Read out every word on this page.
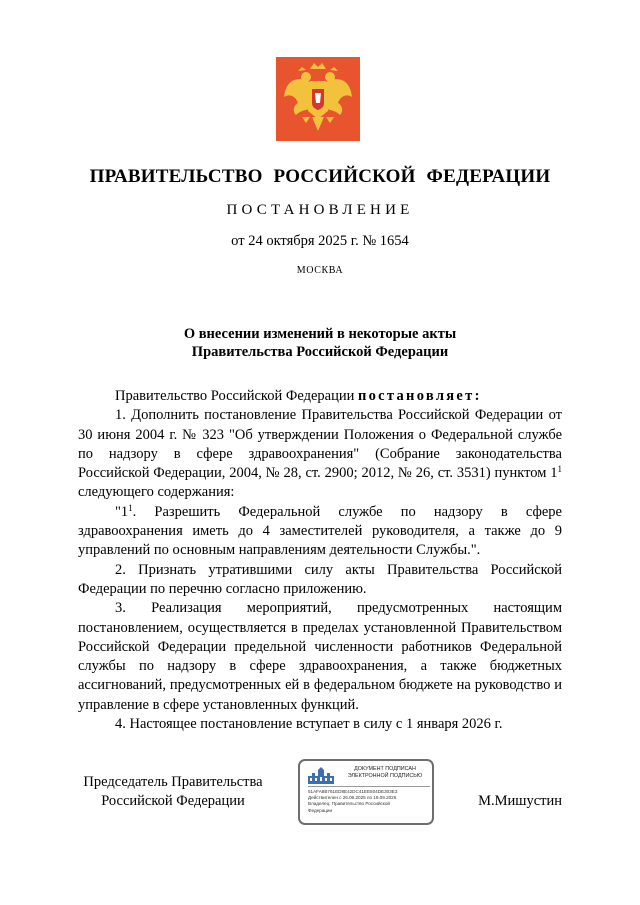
ПРАВИТЕЛЬСТВО РОССИЙСКОЙ ФЕДЕРАЦИИ
ПОСТАНОВЛЕНИЕ
от 24 октября 2025 г. № 1654
МОСКВА
О внесении изменений в некоторые акты
Правительства Российской Федерации

Правительство Российской Федерации постановляет:

1. Дополнить постановление Правительства Российской Федерации от 30 июня 2004 г. № 323 "Об утверждении Положения о Федеральной службе по надзору в сфере здравоохранения" (Собрание законодательства Российской Федерации, 2004, № 28, ст. 2900; 2012, № 26, ст. 3531) пунктом $1^1$ следующего содержания:

"$1^1$. Разрешить Федеральной службе по надзору в сфере здравоохранения иметь до 4 заместителей руководителя, а также до 9 управлений по основным направлениям деятельности Службы.".

2. Признать утратившими силу акты Правительства Российской Федерации по перечню согласно приложению.

3. Реализация мероприятий, предусмотренных настоящим постановлением, осуществляется в пределах установленной Правительством Российской Федерации предельной численности работников Федеральной службы по надзору в сфере здравоохранения, а также бюджетных ассигнований, предусмотренных ей в федеральном бюджете на руководство и управление в сфере установленных функций.

4. Настоящее постановление вступает в силу с 1 января 2026 г.

Председатель Правительства
Российской Федерации
ДОКУМЕНТ ПОДПИСАН
ЭЛЕКТРОННОЙ ПОДПИСЬЮ
51AFA8B761ED8E42DC41EE504DE303E3
Действителен с 26.06.2025 по 19.09.2026
Владелец: Правительство Российской
Федерации
М.Мишустин
